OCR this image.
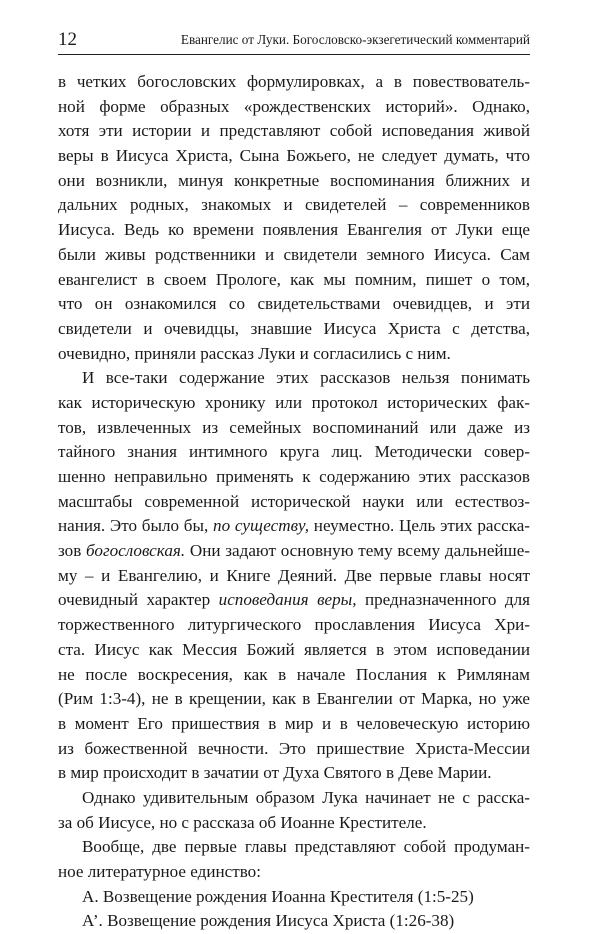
12	Евангелис от Луки. Богословско-экзегетический комментарий
в четких богословских формулировках, а в повествователь-
ной форме образных «рождественских историй». Однако,
хотя эти истории и представляют собой исповедания живой
веры в Иисуса Христа, Сына Божьего, не следует думать, что
они возникли, минуя конкретные воспоминания ближних и
дальних родных, знакомых и свидетелей – современников
Иисуса. Ведь ко времени появления Евангелия от Луки еще
были живы родственники и свидетели земного Иисуса. Сам
евангелист в своем Прологе, как мы помним, пишет о том,
что он ознакомился со свидетельствами очевидцев, и эти
свидетели и очевидцы, знавшие Иисуса Христа с детства,
очевидно, приняли рассказ Луки и согласились с ним.
И все-таки содержание этих рассказов нельзя понимать
как историческую хронику или протокол исторических фак-
тов, извлеченных из семейных воспоминаний или даже из
тайного знания интимного круга лиц. Методически совер-
шенно неправильно применять к содержанию этих рассказов
масштабы современной исторической науки или естествоз-
нания. Это было бы, по существу, неуместно. Цель этих расска-
зов богословская. Они задают основную тему всему дальнейше-
му – и Евангелию, и Книге Деяний. Две первые главы носят
очевидный характер исповедания веры, предназначенного для
торжественного литургического прославления Иисуса Хри-
ста. Иисус как Мессия Божий является в этом исповедании
не после воскресения, как в начале Послания к Римлянам
(Рим 1:3-4), не в крещении, как в Евангелии от Марка, но уже
в момент Его пришествия в мир и в человеческую историю
из божественной вечности. Это пришествие Христа-Мессии
в мир происходит в зачатии от Духа Святого в Деве Марии.
Однако удивительным образом Лука начинает не с расска-
за об Иисусе, но с рассказа об Иоанне Крестителе.
Вообще, две первые главы представляют собой продуман-
ное литературное единство:
А. Возвещение рождения Иоанна Крестителя (1:5-25)
А’. Возвещение рождения Иисуса Христа (1:26-38)
